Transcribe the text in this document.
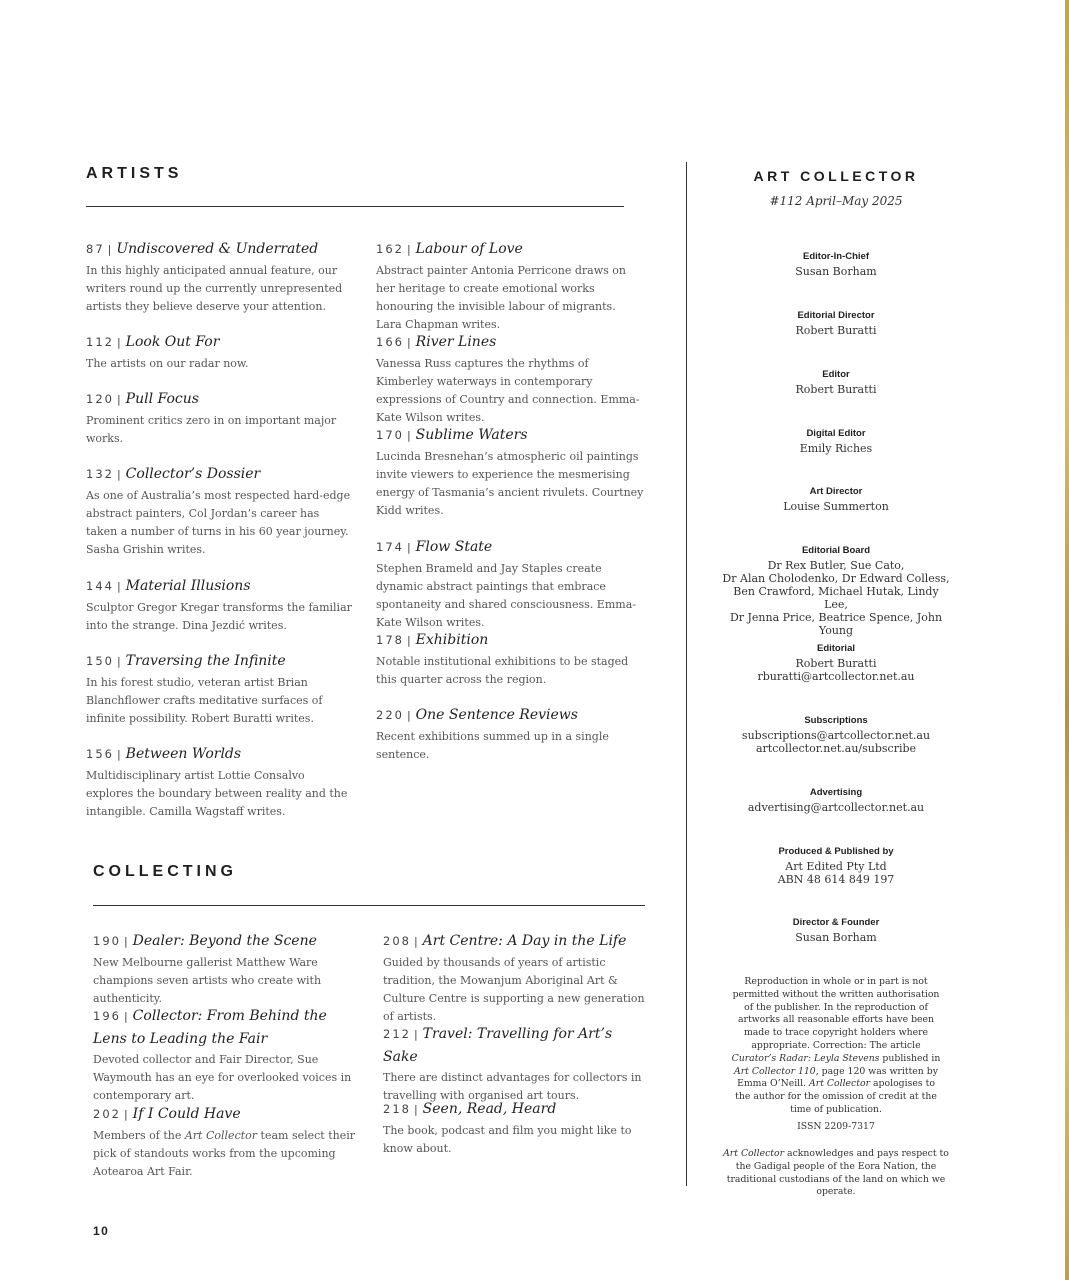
ARTISTS
87 | Undiscovered & Underrated
In this highly anticipated annual feature, our writers round up the currently unrepresented artists they believe deserve your attention.
112 | Look Out For
The artists on our radar now.
120 | Pull Focus
Prominent critics zero in on important major works.
132 | Collector’s Dossier
As one of Australia’s most respected hard-edge abstract painters, Col Jordan’s career has taken a number of turns in his 60 year journey. Sasha Grishin writes.
144 | Material Illusions
Sculptor Gregor Kregar transforms the familiar into the strange. Dina Jezdić writes.
150 | Traversing the Infinite
In his forest studio, veteran artist Brian Blanchflower crafts meditative surfaces of infinite possibility. Robert Buratti writes.
156 | Between Worlds
Multidisciplinary artist Lottie Consalvo explores the boundary between reality and the intangible. Camilla Wagstaff writes.
162 | Labour of Love
Abstract painter Antonia Perricone draws on her heritage to create emotional works honouring the invisible labour of migrants. Lara Chapman writes.
166 | River Lines
Vanessa Russ captures the rhythms of Kimberley waterways in contemporary expressions of Country and connection. Emma-Kate Wilson writes.
170 | Sublime Waters
Lucinda Bresnehan’s atmospheric oil paintings invite viewers to experience the mesmerising energy of Tasmania’s ancient rivulets. Courtney Kidd writes.
174 | Flow State
Stephen Brameld and Jay Staples create dynamic abstract paintings that embrace spontaneity and shared consciousness. Emma-Kate Wilson writes.
178 | Exhibition
Notable institutional exhibitions to be staged this quarter across the region.
220 | One Sentence Reviews
Recent exhibitions summed up in a single sentence.
COLLECTING
190 | Dealer: Beyond the Scene
New Melbourne gallerist Matthew Ware champions seven artists who create with authenticity.
196 | Collector: From Behind the Lens to Leading the Fair
Devoted collector and Fair Director, Sue Waymouth has an eye for overlooked voices in contemporary art.
202 | If I Could Have
Members of the Art Collector team select their pick of standouts works from the upcoming Aotearoa Art Fair.
208 | Art Centre: A Day in the Life
Guided by thousands of years of artistic tradition, the Mowanjum Aboriginal Art & Culture Centre is supporting a new generation of artists.
212 | Travel: Travelling for Art’s Sake
There are distinct advantages for collectors in travelling with organised art tours.
218 | Seen, Read, Heard
The book, podcast and film you might like to know about.
ART COLLECTOR
#112 April–May 2025
Editor-In-Chief
Susan Borham
Editorial Director
Robert Buratti
Editor
Robert Buratti
Digital Editor
Emily Riches
Art Director
Louise Summerton
Editorial Board
Dr Rex Butler, Sue Cato,
Dr Alan Cholodenko, Dr Edward Colless,
Ben Crawford, Michael Hutak, Lindy Lee,
Dr Jenna Price, Beatrice Spence, John Young
Editorial
Robert Buratti
rburatti@artcollector.net.au
Subscriptions
subscriptions@artcollector.net.au
artcollector.net.au/subscribe
Advertising
advertising@artcollector.net.au
Produced & Published by
Art Edited Pty Ltd
ABN 48 614 849 197
Director & Founder
Susan Borham
Reproduction in whole or in part is not permitted without the written authorisation of the publisher. In the reproduction of artworks all reasonable efforts have been made to trace copyright holders where appropriate. Correction: The article Curator’s Radar: Leyla Stevens published in Art Collector 110, page 120 was written by Emma O’Neill. Art Collector apologises to the author for the omission of credit at the time of publication.
ISSN 2209-7317
Art Collector acknowledges and pays respect to the Gadigal people of the Eora Nation, the traditional custodians of the land on which we operate.

10
